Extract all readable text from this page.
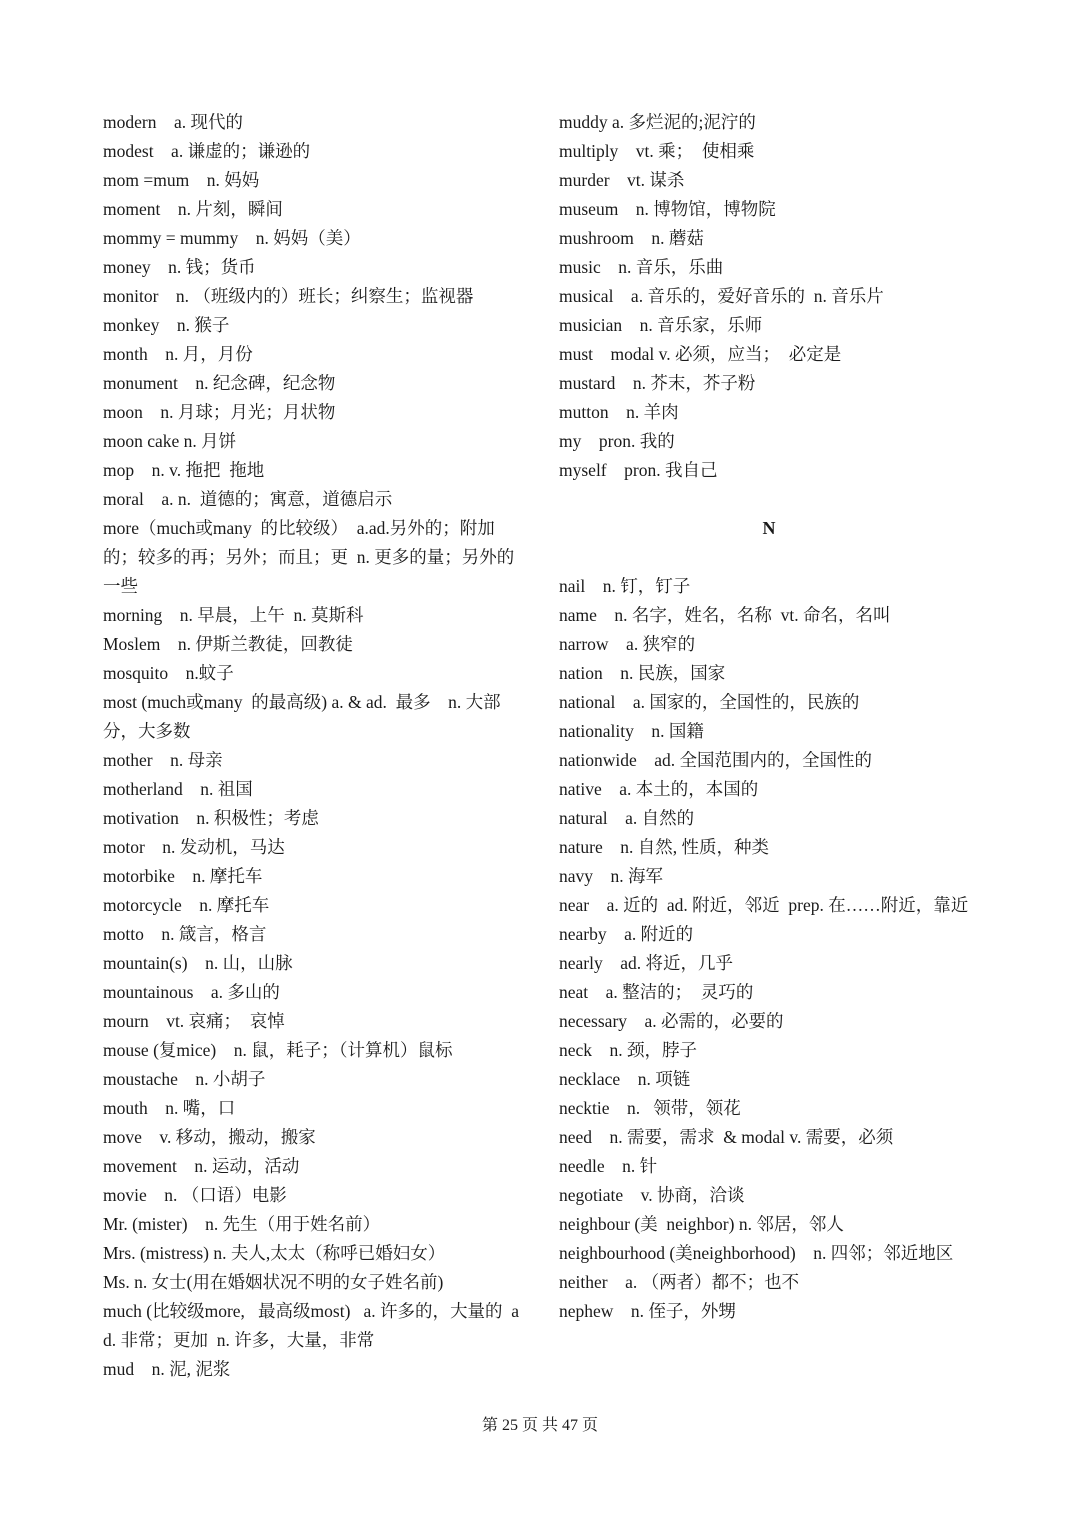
modern    a. 现代的

modest    a. 谦虚的；谦逊的

mom =mum    n. 妈妈

moment    n. 片刻，瞬间

mommy = mummy    n. 妈妈（美）

money    n. 钱；货币

monitor    n. （班级内的）班长；纠察生；监视器

monkey    n. 猴子

month    n. 月，月份

monument    n. 纪念碑，纪念物

moon    n. 月球；月光；月状物

moon cake n. 月饼

mop    n. v. 拖把  拖地

moral    a. n.  道德的；寓意，道德启示

more（much或many  的比较级）  a.ad.另外的；附加的；较多的再；另外；而且；更  n. 更多的量；另外的一些

morning    n. 早晨，上午  n. 莫斯科

Moslem    n. 伊斯兰教徒，回教徒

mosquito    n.蚊子

most (much或many  的最高级) a. & ad.  最多    n. 大部分，大多数

mother    n. 母亲

motherland    n. 祖国

motivation    n. 积极性；考虑

motor    n. 发动机，马达

motorbike    n. 摩托车

motorcycle    n. 摩托车

motto    n. 箴言，格言

mountain(s)    n. 山，山脉

mountainous    a. 多山的

mourn    vt. 哀痛；  哀悼

mouse (复mice)    n. 鼠，耗子；（计算机）鼠标

moustache    n. 小胡子

mouth    n. 嘴，口

move    v. 移动，搬动，搬家

movement    n. 运动，活动

movie    n. （口语）电影

Mr. (mister)    n. 先生（用于姓名前）

Mrs. (mistress) n. 夫人,太太（称呼已婚妇女）

Ms. n. 女士(用在婚姻状况不明的女子姓名前)

much (比较级more,   最高级most)   a. 许多的，大量的  ad. 非常；更加  n. 许多，大量，非常

mud    n. 泥, 泥浆

muddy a. 多烂泥的;泥泞的

multiply    vt. 乘；  使相乘

murder    vt. 谋杀

museum    n. 博物馆，博物院

mushroom    n. 蘑菇

music    n. 音乐，乐曲

musical    a. 音乐的，爱好音乐的  n. 音乐片

musician    n. 音乐家，乐师

must    modal v. 必须，应当；  必定是

mustard    n. 芥末，芥子粉

mutton    n. 羊肉

my    pron. 我的

myself    pron. 我自己

N

nail    n. 钉，钉子

name    n. 名字，姓名，名称  vt. 命名，名叫

narrow    a. 狭窄的

nation    n. 民族，国家

national    a. 国家的，全国性的，民族的

nationality    n. 国籍

nationwide    ad. 全国范围内的，全国性的

native    a. 本土的，本国的

natural    a. 自然的

nature    n. 自然, 性质，种类

navy    n. 海军

near    a. 近的  ad. 附近，邻近  prep. 在……附近，靠近

nearby    a. 附近的

nearly    ad. 将近，几乎

neat    a. 整洁的；  灵巧的

necessary    a. 必需的，必要的

neck    n. 颈，脖子

necklace    n. 项链

necktie    n.   领带，领花

need    n. 需要，需求  & modal v. 需要，必须

needle    n. 针

negotiate    v. 协商，洽谈

neighbour (美  neighbor) n. 邻居，邻人

neighbourhood (美neighborhood)    n. 四邻；邻近地区

neither    a. （两者）都不；也不

nephew    n. 侄子，外甥

第 25 页 共 47 页
